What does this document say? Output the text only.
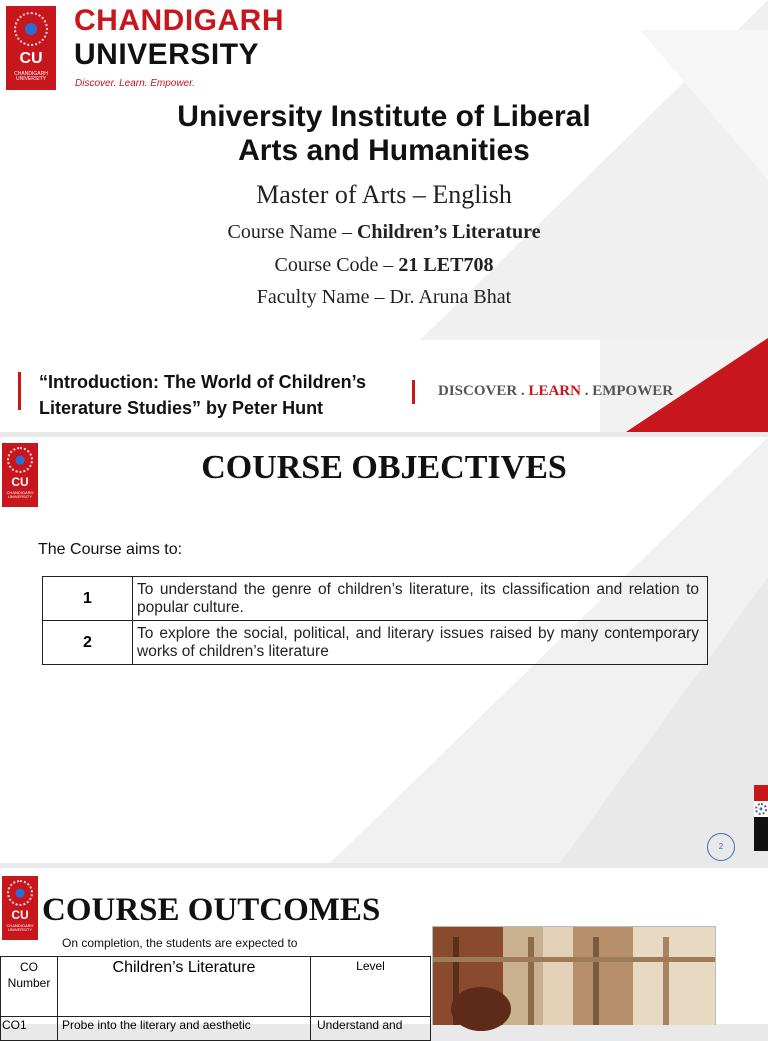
CU
CHANDIGARH UNIVERSITY
CHANDIGARH
UNIVERSITY
Discover. Learn. Empower.
University Institute of Liberal
Arts and Humanities
Master of Arts – English
Course Name – Children’s Literature
Course Code – 21 LET708
Faculty Name – Dr. Aruna Bhat
“Introduction: The World of Children’s
Literature Studies” by Peter Hunt
DISCOVER . LEARN . EMPOWER
CU
CHANDIGARH UNIVERSITY
COURSE OBJECTIVES
The Course aims to:
1	To understand the genre of children’s literature, its classification and relation to popular culture.
2	To explore the social, political, and literary issues raised by many contemporary works of children’s literature
2
CU
CHANDIGARH UNIVERSITY
COURSE OUTCOMES
On completion, the students are expected to
CO Number	Children’s Literature	Level
CO1	Probe into the literary and aesthetic	Understand and
